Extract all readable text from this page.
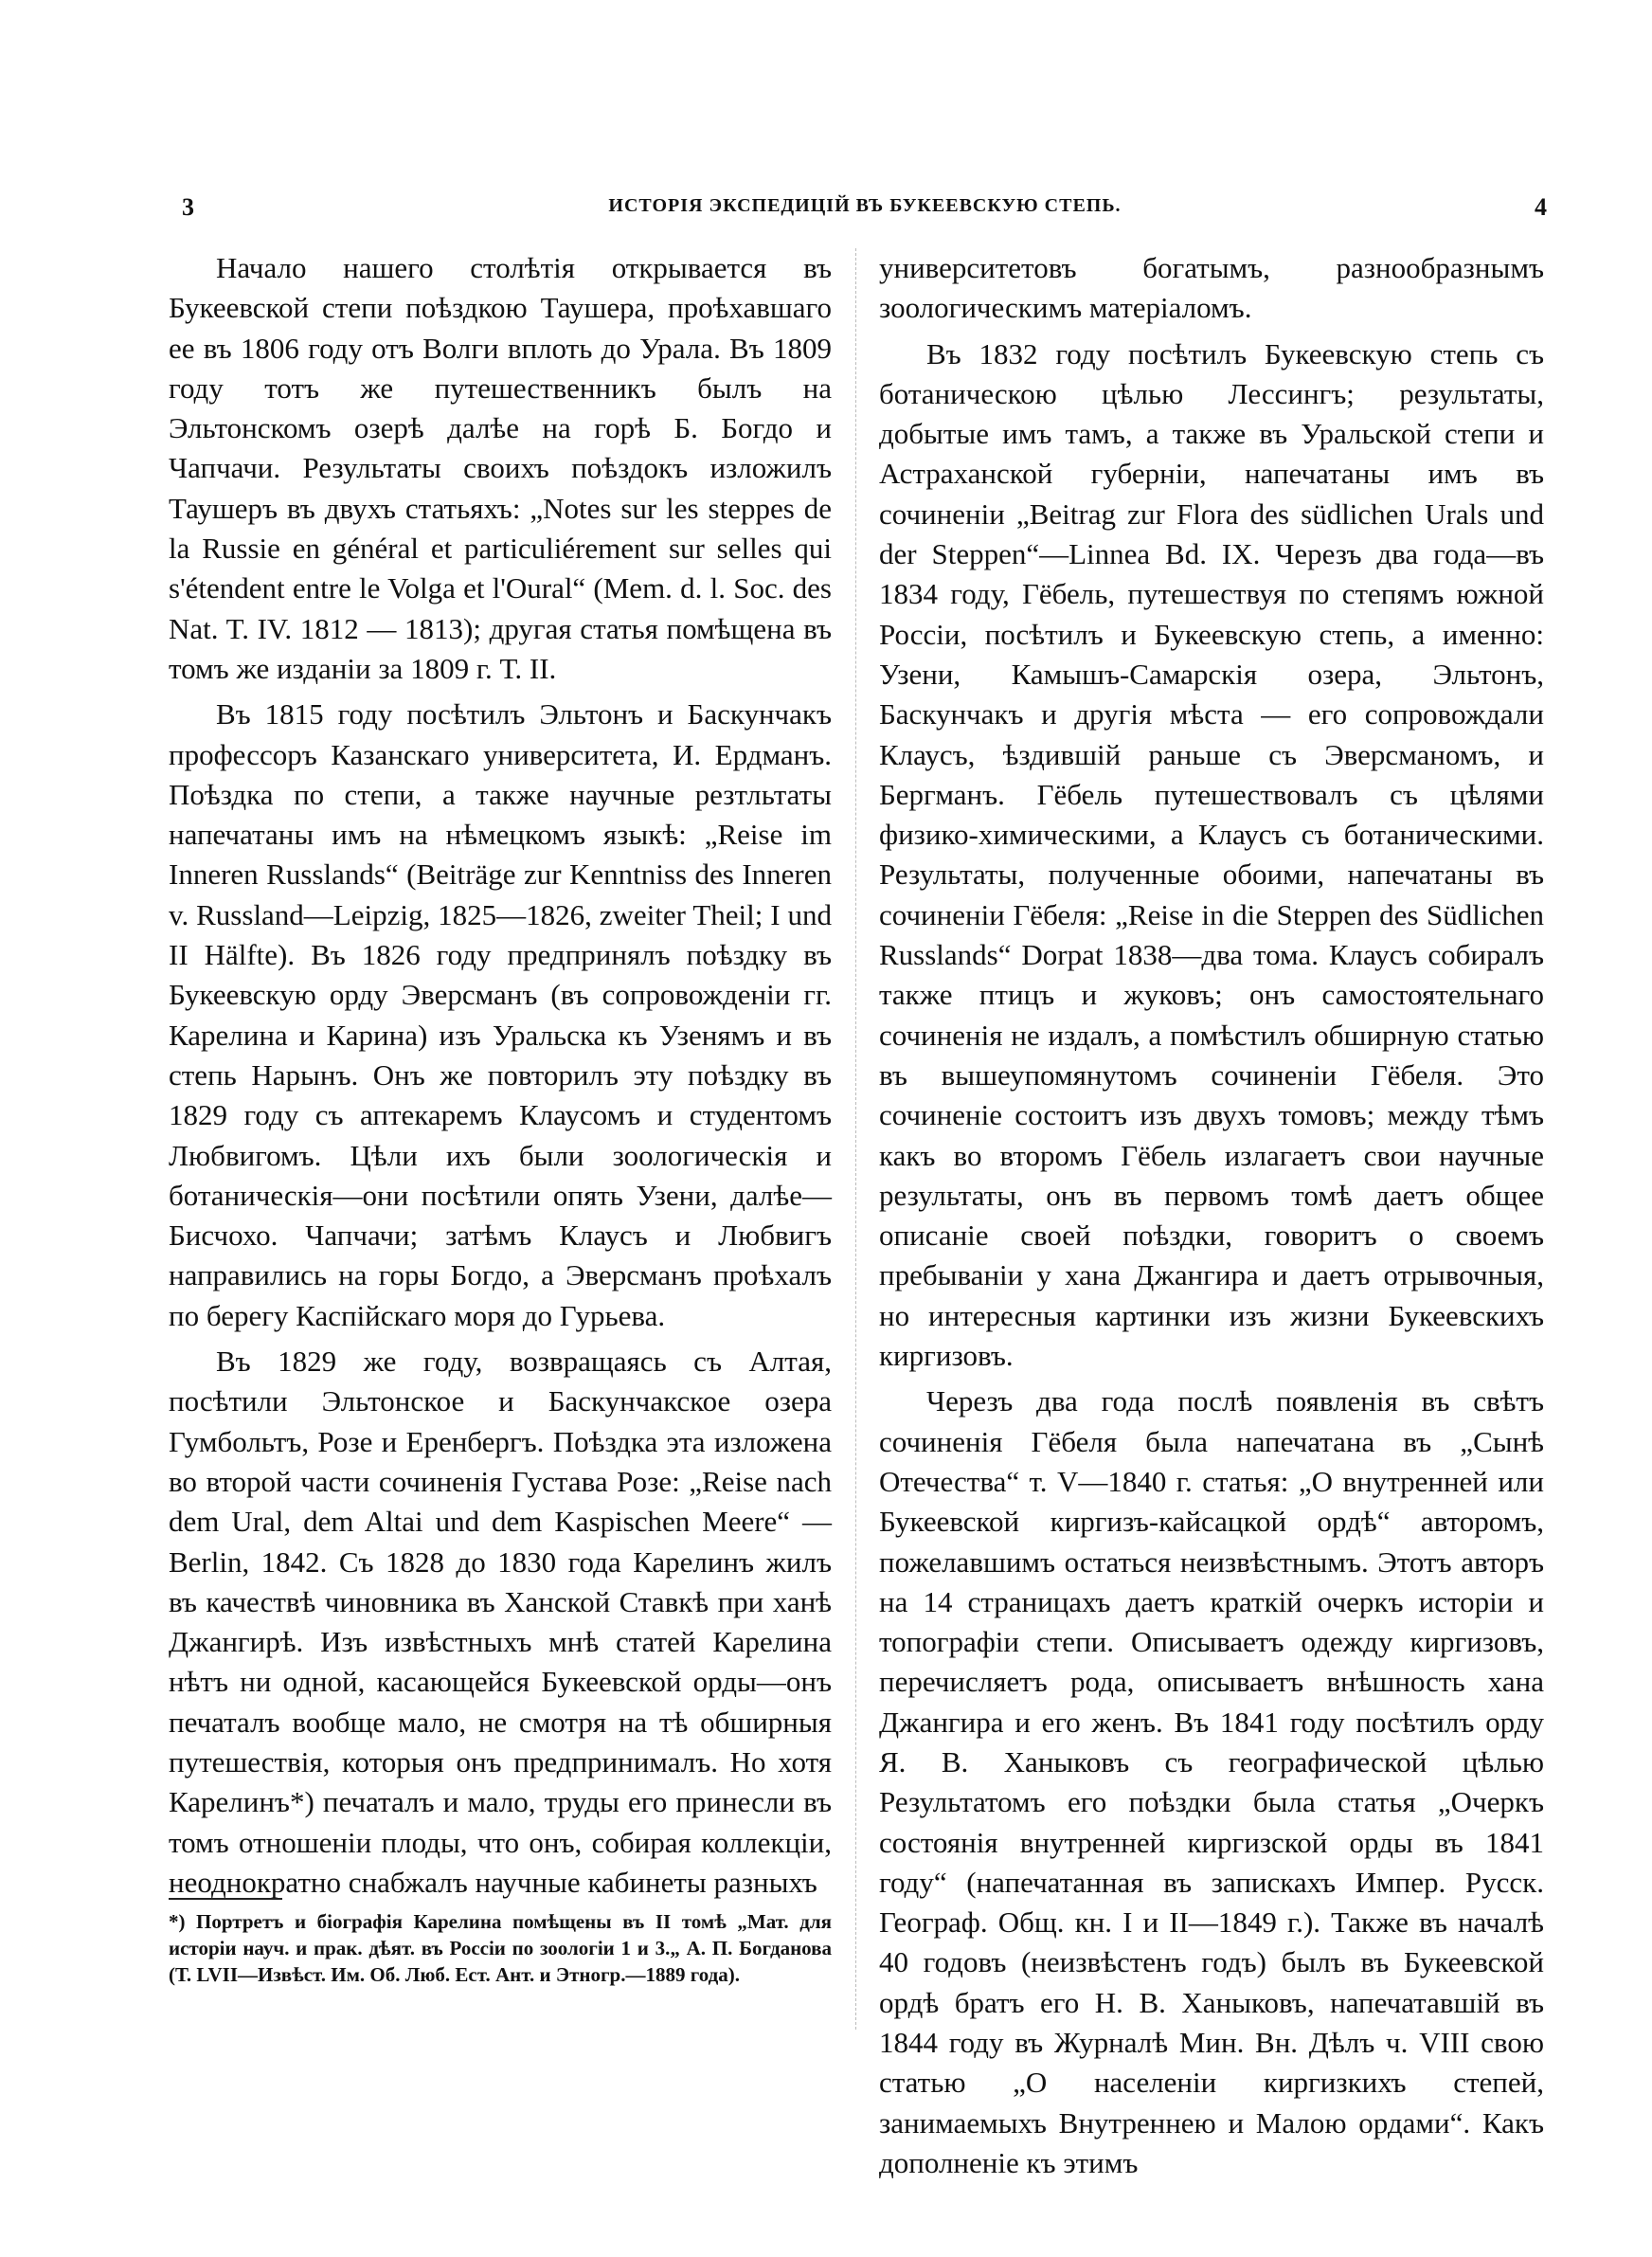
3	ИСТОРІЯ ЭКСПЕДИЦІЙ ВЪ БУКЕЕВСКУЮ СТЕПЬ.	4

Начало нашего столѣтія открывается въ Букеевской степи поѣздкою Таушера, проѣхавшаго ее въ 1806 году отъ Волги вплоть до Урала. Въ 1809 году тотъ же путешественникъ былъ на Эльтонскомъ озерѣ далѣе на горѣ Б. Богдо и Чапчачи. Результаты своихъ поѣздокъ изложилъ Таушеръ въ двухъ статьяхъ: „Notes sur les steppes de la Russie en général et particuliérement sur selles qui s'étendent entre le Volga et l'Oural“ (Mem. d. l. Soc. des Nat. T. IV. 1812 — 1813); другая статья помѣщена въ томъ же изданіи за 1809 г. Т. II.

Въ 1815 году посѣтилъ Эльтонъ и Баскунчакъ профессоръ Казанскаго университета, И. Ердманъ. Поѣздка по степи, а также научные резтльтаты напечатаны имъ на нѣмецкомъ языкѣ: „Reise im Inneren Russlands“ (Beiträge zur Kenntniss des Inneren v. Russland—Leipzig, 1825—1826, zweiter Theil; I und II Hälfte). Въ 1826 году предпринялъ поѣздку въ Букеевскую орду Эверсманъ (въ сопровожденіи гг. Карелина и Карина) изъ Уральска къ Узенямъ и въ степь Нарынъ. Онъ же повторилъ эту поѣздку въ 1829 году съ аптекаремъ Клаусомъ и студентомъ Любвигомъ. Цѣли ихъ были зоологическія и ботаническія—они посѣтили опять Узени, далѣе—Бисчохо. Чапчачи; затѣмъ Клаусъ и Любвигъ направились на горы Богдо, а Эверсманъ проѣхалъ по берегу Каспійскаго моря до Гурьева.

Въ 1829 же году, возвращаясь съ Алтая, посѣтили Эльтонское и Баскунчакское озера Гумбольтъ, Розе и Еренбергъ. Поѣздка эта изложена во второй части сочиненія Густава Розе: „Reise nach dem Ural, dem Altai und dem Kaspischen Meere“ — Berlin, 1842. Съ 1828 до 1830 года Карелинъ жилъ въ качествѣ чиновника въ Ханской Ставкѣ при ханѣ Джангирѣ. Изъ извѣстныхъ мнѣ статей Карелина нѣтъ ни одной, касающейся Букеевской орды—онъ печаталъ вообще мало, не смотря на тѣ обширныя путешествія, которыя онъ предпринималъ. Но хотя Карелинъ*) печаталъ и мало, труды его принесли въ томъ отношеніи плоды, что онъ, собирая коллекціи, неоднократно снабжалъ научные кабинеты разныхъ

университетовъ богатымъ, разнообразнымъ зоологическимъ матеріаломъ.

Въ 1832 году посѣтилъ Букеевскую степь съ ботаническою цѣлью Лессингъ; результаты, добытые имъ тамъ, а также въ Уральской степи и Астраханской губерніи, напечатаны имъ въ сочиненіи „Beitrag zur Flora des südlichen Urals und der Steppen“—Linnea Bd. IX. Черезъ два года—въ 1834 году, Гёбель, путешествуя по степямъ южной Россіи, посѣтилъ и Букеевскую степь, а именно: Узени, Камышъ-Самарскія озера, Эльтонъ, Баскунчакъ и другія мѣста — его сопровождали Клаусъ, ѣздившій раньше съ Эверсманомъ, и Бергманъ. Гёбель путешествовалъ съ цѣлями физико-химическими, а Клаусъ съ ботаническими. Результаты, полученные обоими, напечатаны въ сочиненіи Гёбеля: „Reise in die Steppen des Südlichen Russlands“ Dorpat 1838—два тома. Клаусъ собиралъ также птицъ и жуковъ; онъ самостоятельнаго сочиненія не издалъ, а помѣстилъ обширную статью въ вышеупомянутомъ сочиненіи Гёбеля. Это сочиненіе состоитъ изъ двухъ томовъ; между тѣмъ какъ во второмъ Гёбель излагаетъ свои научные результаты, онъ въ первомъ томѣ даетъ общее описаніе своей поѣздки, говоритъ о своемъ пребываніи у хана Джангира и даетъ отрывочныя, но интересныя картинки изъ жизни Букеевскихъ киргизовъ.

Черезъ два года послѣ появленія въ свѣтъ сочиненія Гёбеля была напечатана въ „Сынѣ Отечества“ т. V—1840 г. статья: „О внутренней или Букеевской киргизъ-кайсацкой ордѣ“ авторомъ, пожелавшимъ остаться неизвѣстнымъ. Этотъ авторъ на 14 страницахъ даетъ краткій очеркъ исторіи и топографіи степи. Описываетъ одежду киргизовъ, перечисляетъ рода, описываетъ внѣшность хана Джангира и его женъ. Въ 1841 году посѣтилъ орду Я. В. Ханыковъ съ географической цѣлью Результатомъ его поѣздки была статья „Очеркъ состоянія внутренней киргизской орды въ 1841 году“ (напечатанная въ запискахъ Импер. Русск. Географ. Общ. кн. I и II—1849 г.). Также въ началѣ 40 годовъ (неизвѣстенъ годъ) былъ въ Букеевской ордѣ братъ его Н. В. Ханыковъ, напечатавшій въ 1844 году въ Журналѣ Мин. Вн. Дѣлъ ч. VIII свою статью „О населеніи киргизкихъ степей, занимаемыхъ Внутреннею и Малою ордами“. Какъ дополненіе къ этимъ

*) Портретъ и біографія Карелина помѣщены въ II томѣ „Мат. для исторіи науч. и прак. дѣят. въ Россіи по зоологіи 1 и 3.„ А. П. Богданова (Т. LVII—Извѣст. Им. Об. Люб. Ест. Ант. и Этногр.—1889 года).
